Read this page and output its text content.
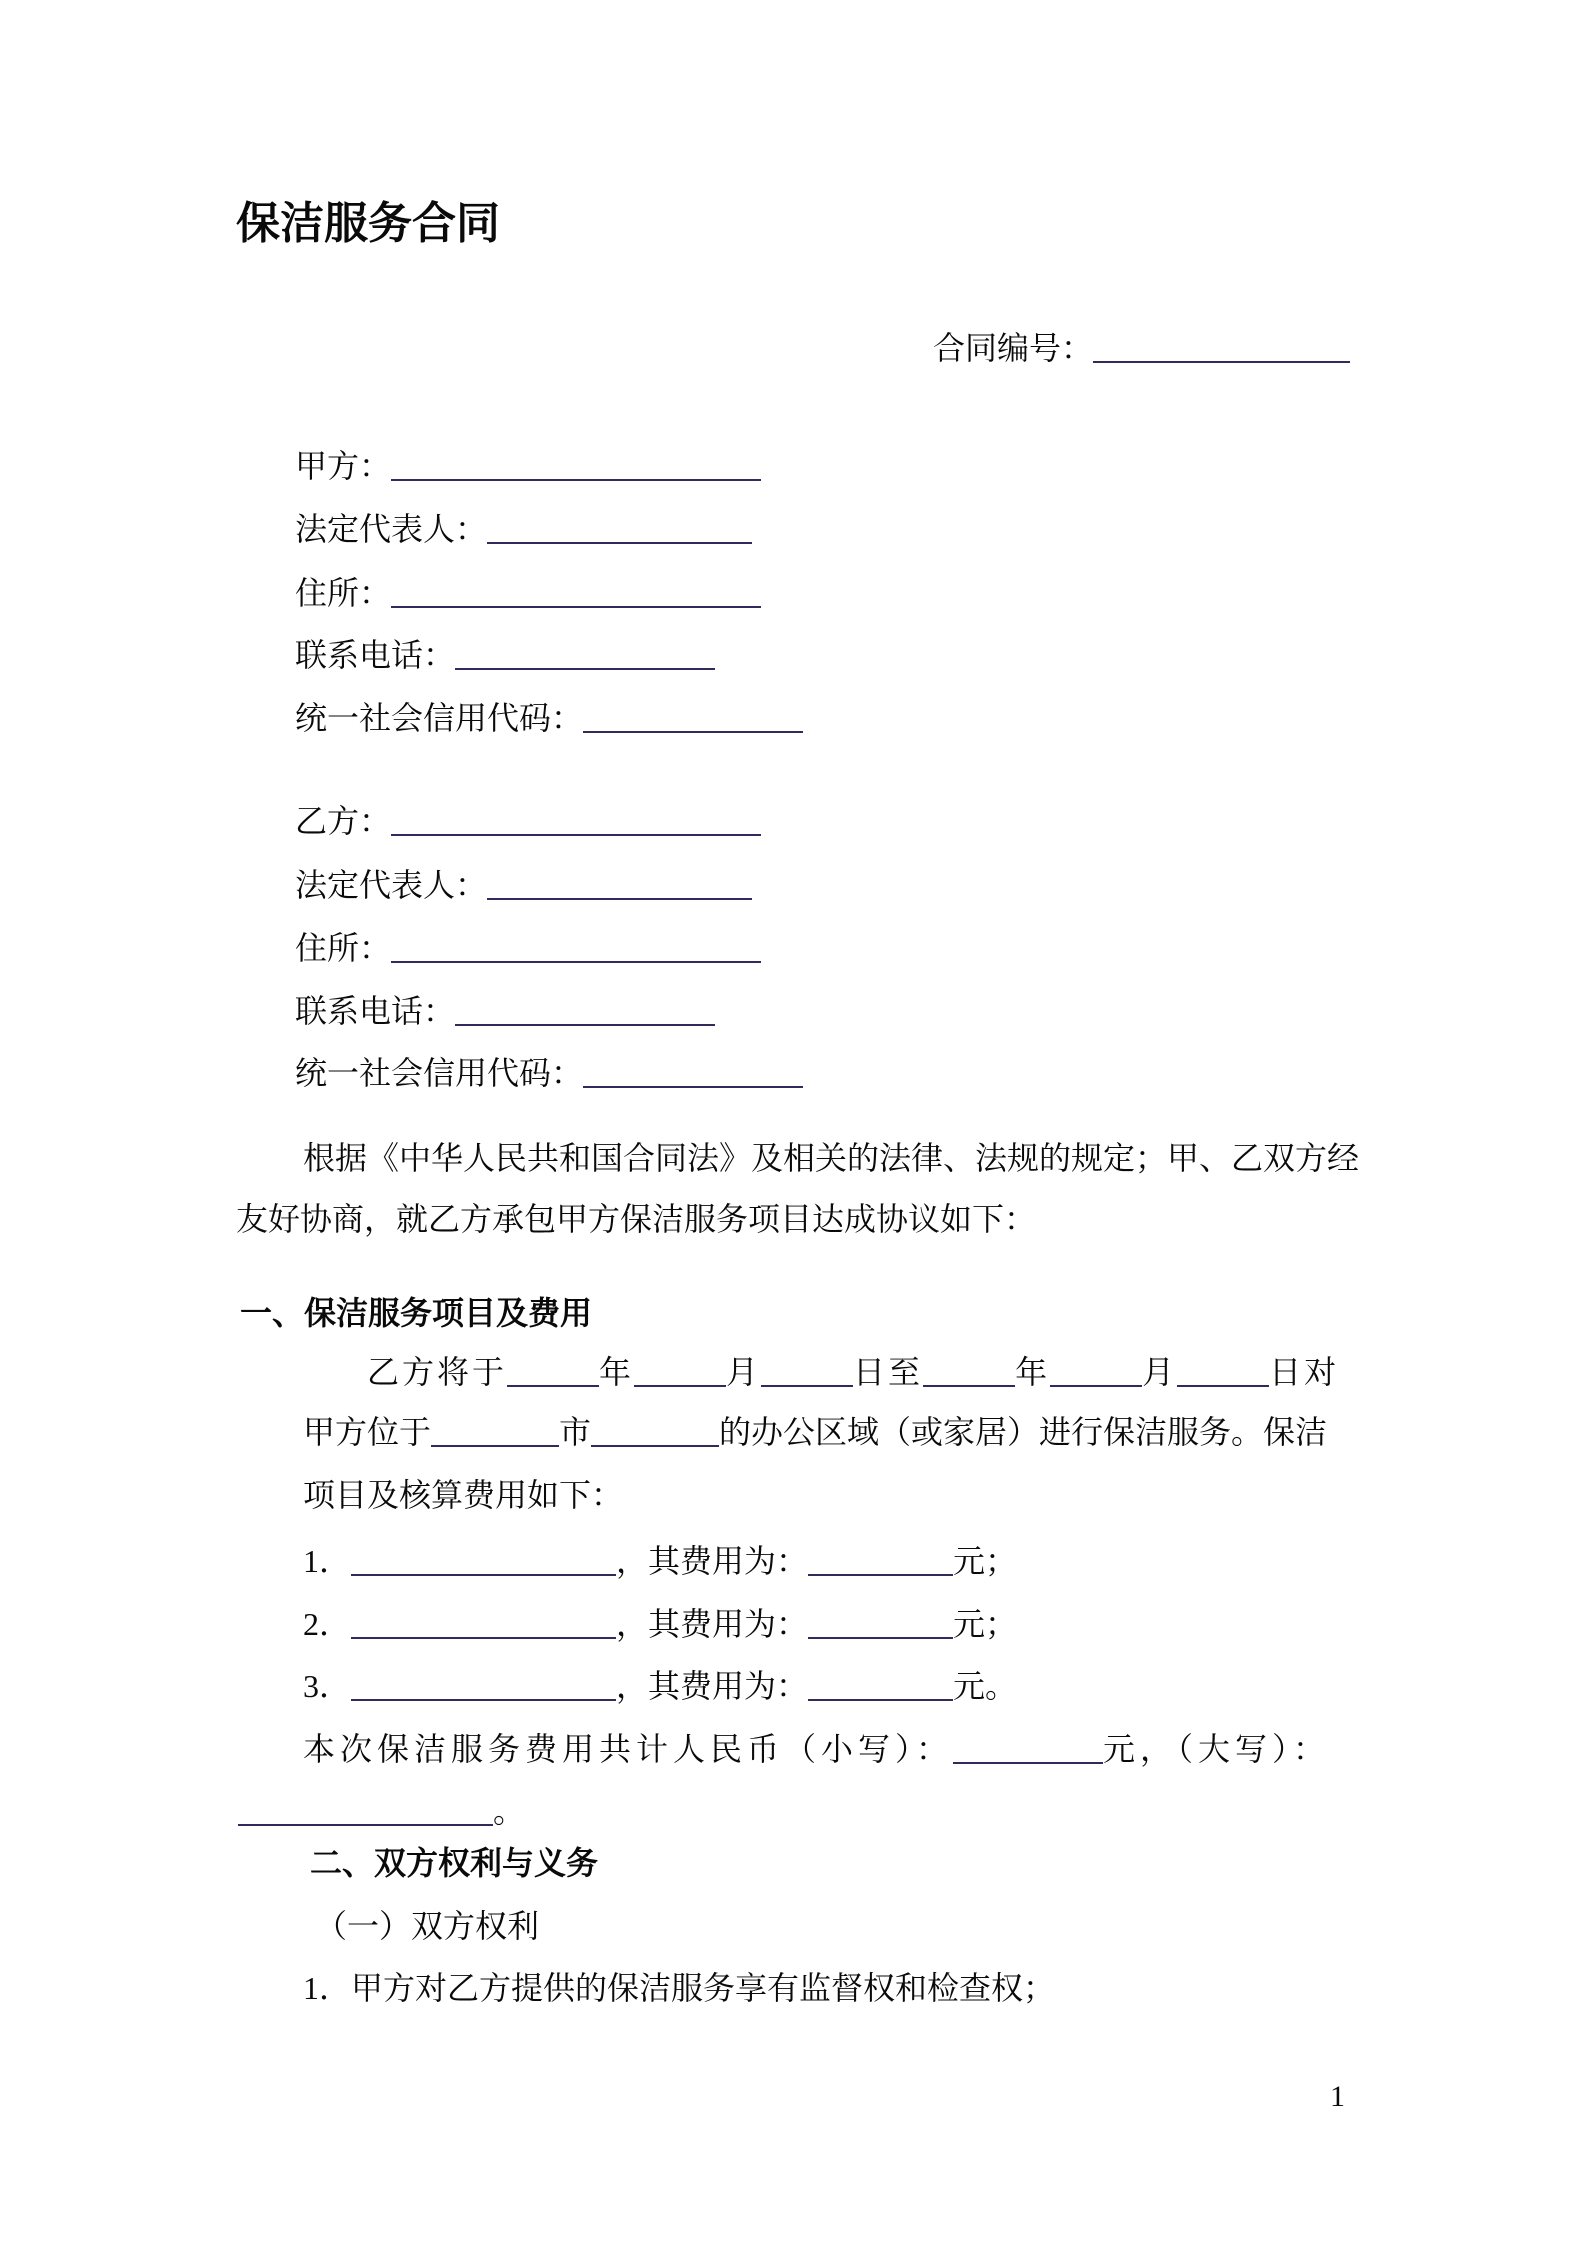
保洁服务合同
合同编号：
甲方：
法定代表人：
住所：
联系电话：
统一社会信用代码：
乙方：
法定代表人：
住所：
联系电话：
统一社会信用代码：
根据《中华人民共和国合同法》及相关的法律、法规的规定；甲、乙双方经
友好协商，就乙方承包甲方保洁服务项目达成协议如下：
一、保洁服务项目及费用
乙方将于	年	月	日至	年	月	日对
甲方位于	市	的办公区域（或家居）进行保洁服务。保洁
项目及核算费用如下：
1．	，其费用为：	元；
2．	，其费用为：	元；
3．	，其费用为：	元。
本次保洁服务费用共计人民币（小写）：	元，（大写）：
。
二、双方权利与义务
（一）双方权利
1．甲方对乙方提供的保洁服务享有监督权和检查权；
1
